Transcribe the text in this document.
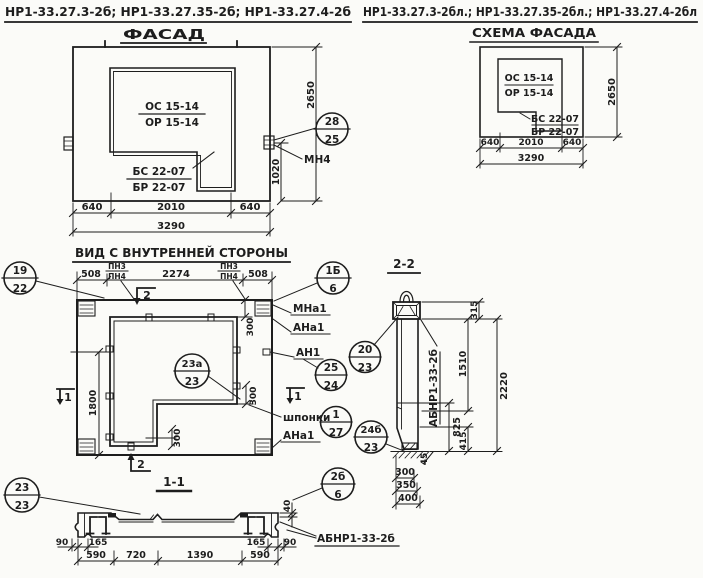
НР1-33.27.3-2б; НР1-33.27.35-2б; НР1-33.27.4-2б НР1-33.27.3-2бл.; НР1-33.27.35-2бл.; НР1-33.27.4-2бл
ФАСАД
ОС 15-14
ОР 15-14
БС 22-07
БР 22-07
МН4
28
25
1020
2650
640	2010	640
3290
СХЕМА ФАСАДА
ОС 15-14
ОР 15-14
БС 22-07
БР 22-07
640 2010 640
3290
2650
ВИД С ВНУТРЕННЕЙ СТОРОНЫ
508	2274	508
ПН3
ПН4
ПН3
ПН4
19
22
1Б
6
300
300
300
1800
23а
23
2
2
1	1
МНа1
АНа1
АН1
шпонки
АНа1
25
24
20
23
1
27 24б
23
2б
6
2-2
315
1510
825
415
2220
45
АБНР1-33-2б
300
350
400
1-1
23
23
АБНР1-33-2б
40
90 165	165 90
590 720	1390	590
